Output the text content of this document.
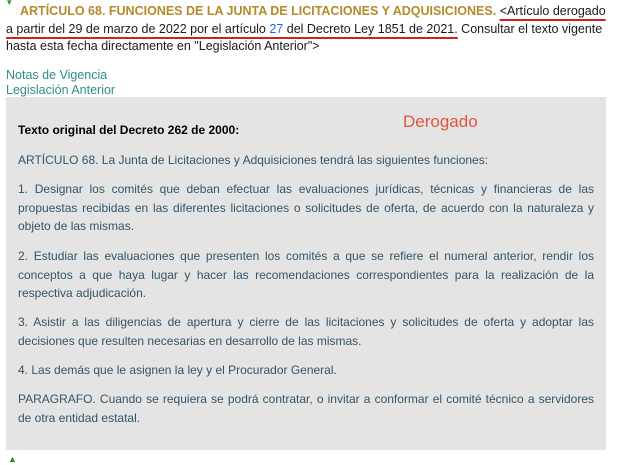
▾
ARTÍCULO 68. FUNCIONES DE LA JUNTA DE LICITACIONES Y ADQUISICIONES. <Artículo derogado a partir del 29 de marzo de 2022 por el artículo 27 del Decreto Ley 1851 de 2021. Consultar el texto vigente hasta esta fecha directamente en "Legislación Anterior">
Notas de Vigencia
Legislación Anterior
Texto original del Decreto 262 de 2000:	Derogado

ARTÍCULO 68. La Junta de Licitaciones y Adquisiciones tendrá las siguientes funciones:

1. Designar los comités que deban efectuar las evaluaciones jurídicas, técnicas y financieras de las propuestas recibidas en las diferentes licitaciones o solicitudes de oferta, de acuerdo con la naturaleza y objeto de las mismas.

2. Estudiar las evaluaciones que presenten los comités a que se refiere el numeral anterior, rendir los conceptos a que haya lugar y hacer las recomendaciones correspondientes para la realización de la respectiva adjudicación.

3. Asistir a las diligencias de apertura y cierre de las licitaciones y solicitudes de oferta y adoptar las decisiones que resulten necesarias en desarrollo de las mismas.

4. Las demás que le asignen la ley y el Procurador General.

PARAGRAFO. Cuando se requiera se podrá contratar, o invitar a conformar el comité técnico a servidores de otra entidad estatal.

▲
